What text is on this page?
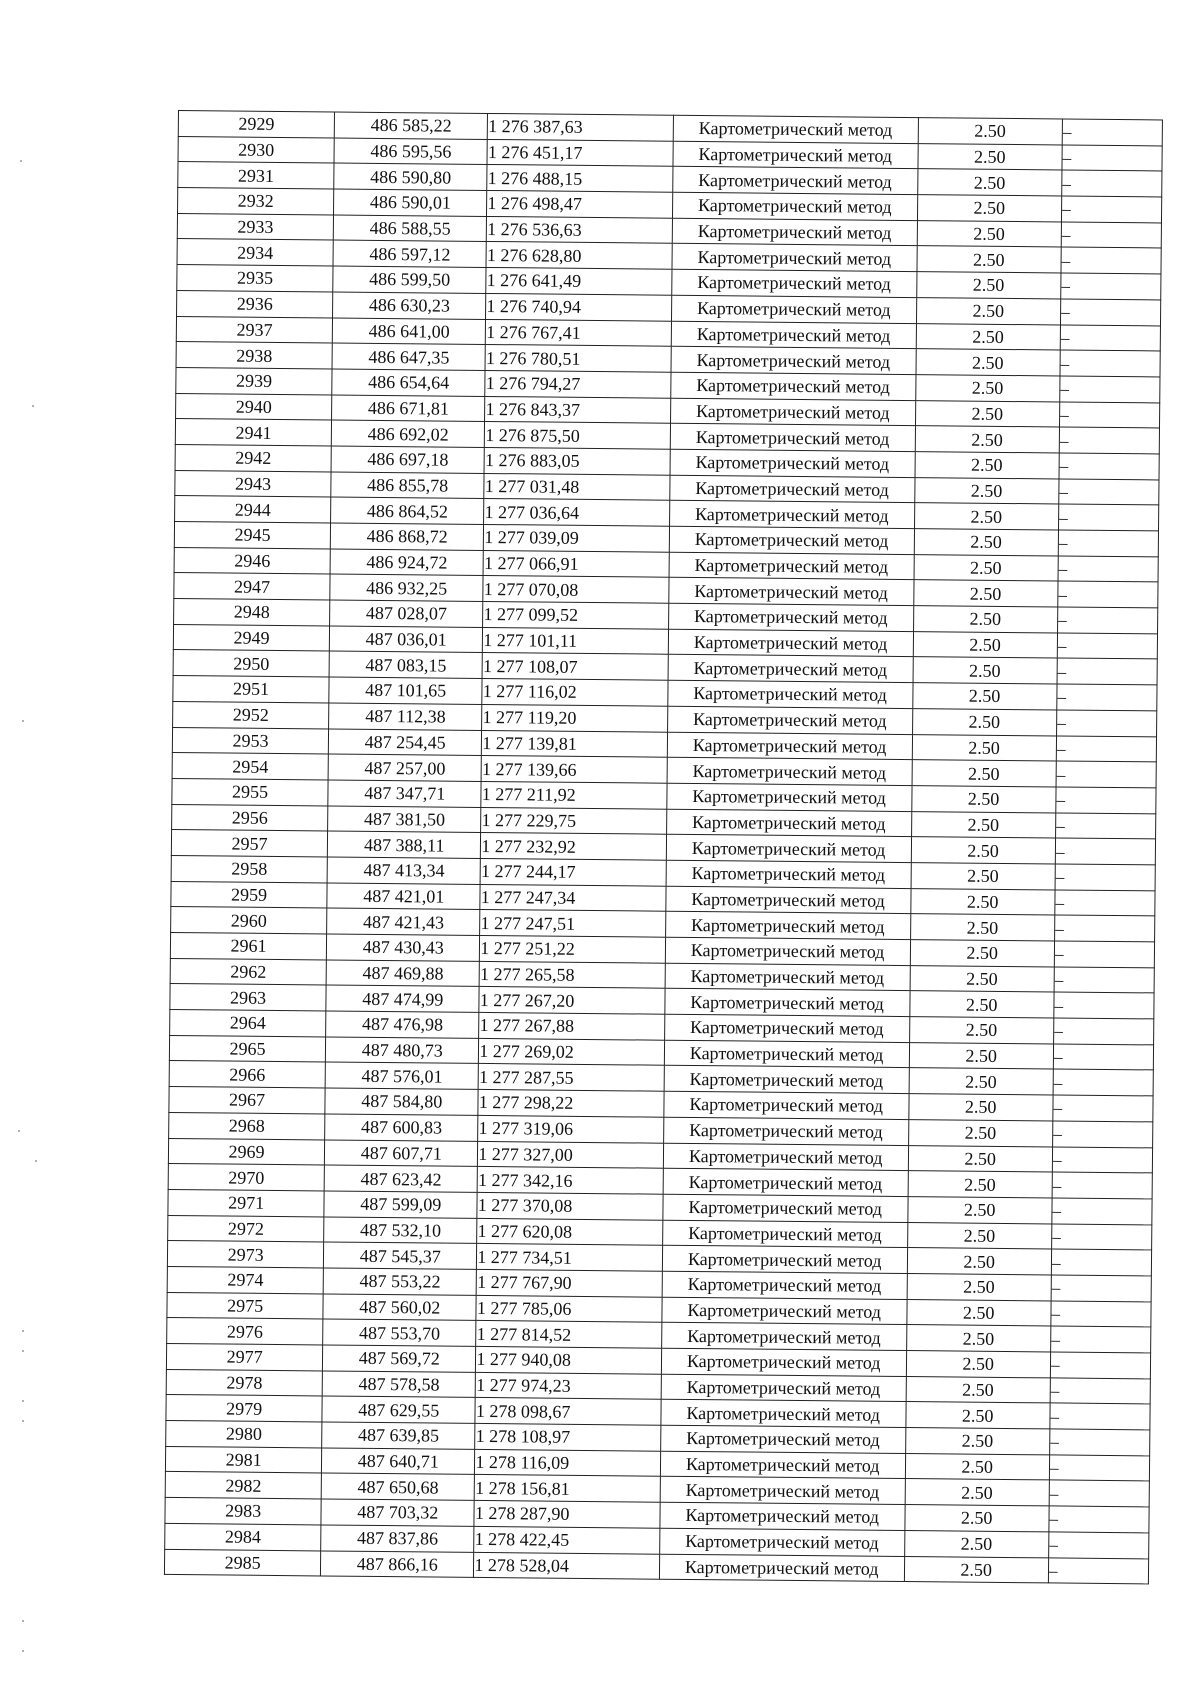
2929	486 585,22	1 276 387,63	Картометрический метод	2.50	–
2930	486 595,56	1 276 451,17	Картометрический метод	2.50	–
2931	486 590,80	1 276 488,15	Картометрический метод	2.50	–
2932	486 590,01	1 276 498,47	Картометрический метод	2.50	–
2933	486 588,55	1 276 536,63	Картометрический метод	2.50	–
2934	486 597,12	1 276 628,80	Картометрический метод	2.50	–
2935	486 599,50	1 276 641,49	Картометрический метод	2.50	–
2936	486 630,23	1 276 740,94	Картометрический метод	2.50	–
2937	486 641,00	1 276 767,41	Картометрический метод	2.50	–
2938	486 647,35	1 276 780,51	Картометрический метод	2.50	–
2939	486 654,64	1 276 794,27	Картометрический метод	2.50	–
2940	486 671,81	1 276 843,37	Картометрический метод	2.50	–
2941	486 692,02	1 276 875,50	Картометрический метод	2.50	–
2942	486 697,18	1 276 883,05	Картометрический метод	2.50	–
2943	486 855,78	1 277 031,48	Картометрический метод	2.50	–
2944	486 864,52	1 277 036,64	Картометрический метод	2.50	–
2945	486 868,72	1 277 039,09	Картометрический метод	2.50	–
2946	486 924,72	1 277 066,91	Картометрический метод	2.50	–
2947	486 932,25	1 277 070,08	Картометрический метод	2.50	–
2948	487 028,07	1 277 099,52	Картометрический метод	2.50	–
2949	487 036,01	1 277 101,11	Картометрический метод	2.50	–
2950	487 083,15	1 277 108,07	Картометрический метод	2.50	–
2951	487 101,65	1 277 116,02	Картометрический метод	2.50	–
2952	487 112,38	1 277 119,20	Картометрический метод	2.50	–
2953	487 254,45	1 277 139,81	Картометрический метод	2.50	–
2954	487 257,00	1 277 139,66	Картометрический метод	2.50	–
2955	487 347,71	1 277 211,92	Картометрический метод	2.50	–
2956	487 381,50	1 277 229,75	Картометрический метод	2.50	–
2957	487 388,11	1 277 232,92	Картометрический метод	2.50	–
2958	487 413,34	1 277 244,17	Картометрический метод	2.50	–
2959	487 421,01	1 277 247,34	Картометрический метод	2.50	–
2960	487 421,43	1 277 247,51	Картометрический метод	2.50	–
2961	487 430,43	1 277 251,22	Картометрический метод	2.50	–
2962	487 469,88	1 277 265,58	Картометрический метод	2.50	–
2963	487 474,99	1 277 267,20	Картометрический метод	2.50	–
2964	487 476,98	1 277 267,88	Картометрический метод	2.50	–
2965	487 480,73	1 277 269,02	Картометрический метод	2.50	–
2966	487 576,01	1 277 287,55	Картометрический метод	2.50	–
2967	487 584,80	1 277 298,22	Картометрический метод	2.50	–
2968	487 600,83	1 277 319,06	Картометрический метод	2.50	–
2969	487 607,71	1 277 327,00	Картометрический метод	2.50	–
2970	487 623,42	1 277 342,16	Картометрический метод	2.50	–
2971	487 599,09	1 277 370,08	Картометрический метод	2.50	–
2972	487 532,10	1 277 620,08	Картометрический метод	2.50	–
2973	487 545,37	1 277 734,51	Картометрический метод	2.50	–
2974	487 553,22	1 277 767,90	Картометрический метод	2.50	–
2975	487 560,02	1 277 785,06	Картометрический метод	2.50	–
2976	487 553,70	1 277 814,52	Картометрический метод	2.50	–
2977	487 569,72	1 277 940,08	Картометрический метод	2.50	–
2978	487 578,58	1 277 974,23	Картометрический метод	2.50	–
2979	487 629,55	1 278 098,67	Картометрический метод	2.50	–
2980	487 639,85	1 278 108,97	Картометрический метод	2.50	–
2981	487 640,71	1 278 116,09	Картометрический метод	2.50	–
2982	487 650,68	1 278 156,81	Картометрический метод	2.50	–
2983	487 703,32	1 278 287,90	Картометрический метод	2.50	–
2984	487 837,86	1 278 422,45	Картометрический метод	2.50	–
2985	487 866,16	1 278 528,04	Картометрический метод	2.50	–
